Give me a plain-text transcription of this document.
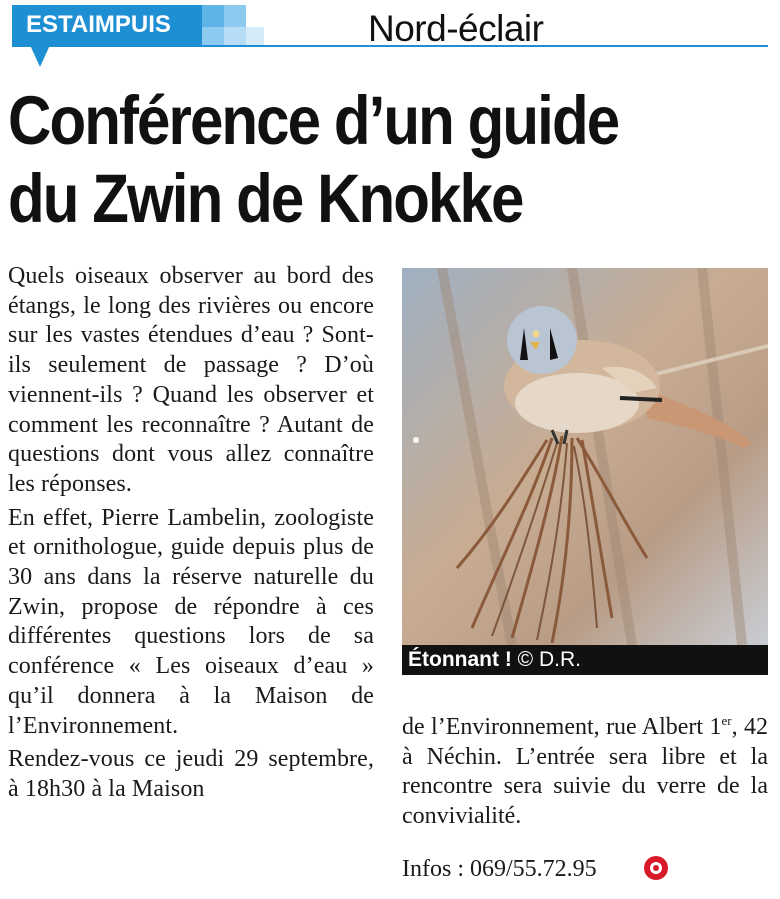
ESTAIMPUIS	Nord-éclair
Conférence d’un guide
du Zwin de Knokke

Quels oiseaux observer au bord des étangs, le long des rivières ou encore sur les vastes étendues d’eau ? Sont-ils seulement de passage ? D’où viennent-ils ? Quand les observer et comment les reconnaître ? Autant de questions dont vous allez connaître les réponses.

En effet, Pierre Lambelin, zoologiste et ornithologue, guide depuis plus de 30 ans dans la réserve naturelle du Zwin, propose de répondre à ces différentes questions lors de sa conférence « Les oiseaux d’eau » qu’il donnera à la Maison de l’Environnement.

Rendez-vous ce jeudi 29 septembre, à 18h30 à la Maison

Étonnant ! © D.R.

de l’Environnement, rue Albert 1er, 42 à Néchin. L’entrée sera libre et la rencontre sera suivie du verre de la convivialité.

Infos : 069/55.72.95
